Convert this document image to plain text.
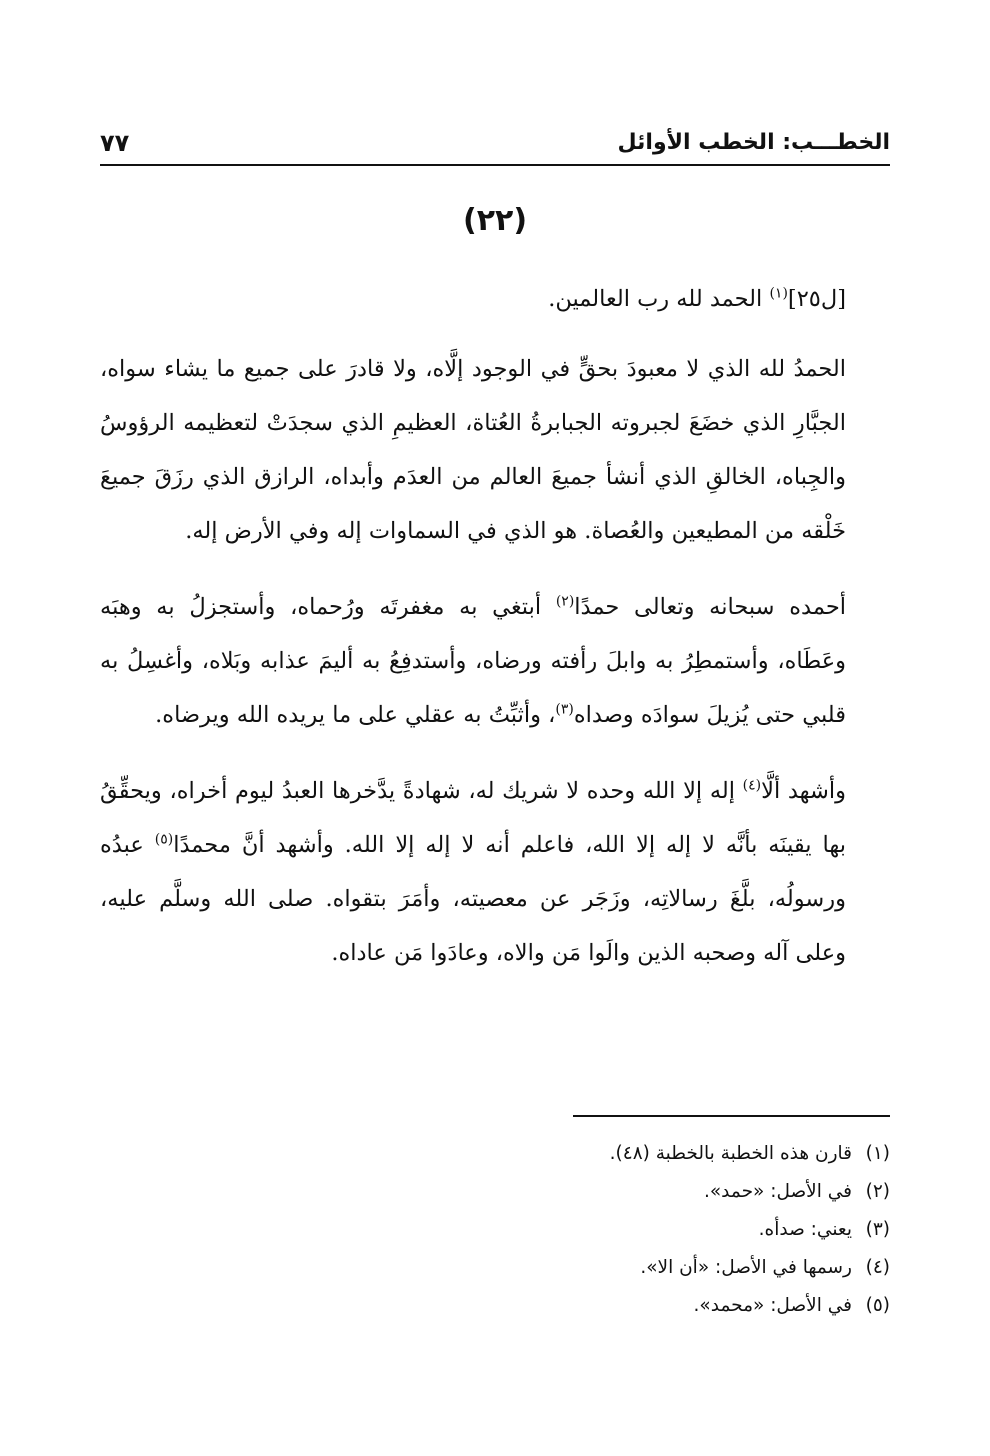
الخطـــب: الخطب الأوائل
٧٧
(٢٢)

[ل٢٥]$^{(١)}$ الحمد لله رب العالمين.

الحمدُ لله الذي لا معبودَ بحقٍّ في الوجود إلَّاه، ولا قادرَ على جميع ما يشاء سواه، الجبَّارِ الذي خضَعَ لجبروته الجبابرةُ العُتاة، العظيمِ الذي سجدَتْ لتعظيمه الرؤوسُ والجِباه، الخالقِ الذي أنشأ جميعَ العالم من العدَم وأبداه، الرازق الذي رزَقَ جميعَ خَلْقه من المطيعين والعُصاة. هو الذي في السماوات إله وفي الأرض إله.

أحمده سبحانه وتعالى حمدًا$^{(٢)}$ أبتغي به مغفرتَه ورُحماه، وأستجزلُ به وهبَه وعَطَاه، وأستمطِرُ به وابلَ رأفته ورضاه، وأستدفِعُ به أليمَ عذابه وبَلاه، وأغسِلُ به قلبي حتى يُزيلَ سوادَه وصداه$^{(٣)}$، وأثبِّتُ به عقلي على ما يريده الله ويرضاه.

وأشهد ألَّا$^{(٤)}$ إله إلا الله وحده لا شريك له، شهادةً يدَّخرها العبدُ ليوم أخراه، ويحقِّقُ بها يقينَه بأنَّه لا إله إلا الله، فاعلم أنه لا إله إلا الله. وأشهد أنَّ محمدًا$^{(٥)}$ عبدُه ورسولُه، بلَّغَ رسالاتِه، وزَجَر عن معصيته، وأمَرَ بتقواه. صلى الله وسلَّم عليه، وعلى آله وصحبه الذين والَوا مَن والاه، وعادَوا مَن عاداه.

(١)قارن هذه الخطبة بالخطبة (٤٨).
(٢)في الأصل: «حمد».
(٣)يعني: صدأه.
(٤)رسمها في الأصل: «أن الا».
(٥)في الأصل: «محمد».
